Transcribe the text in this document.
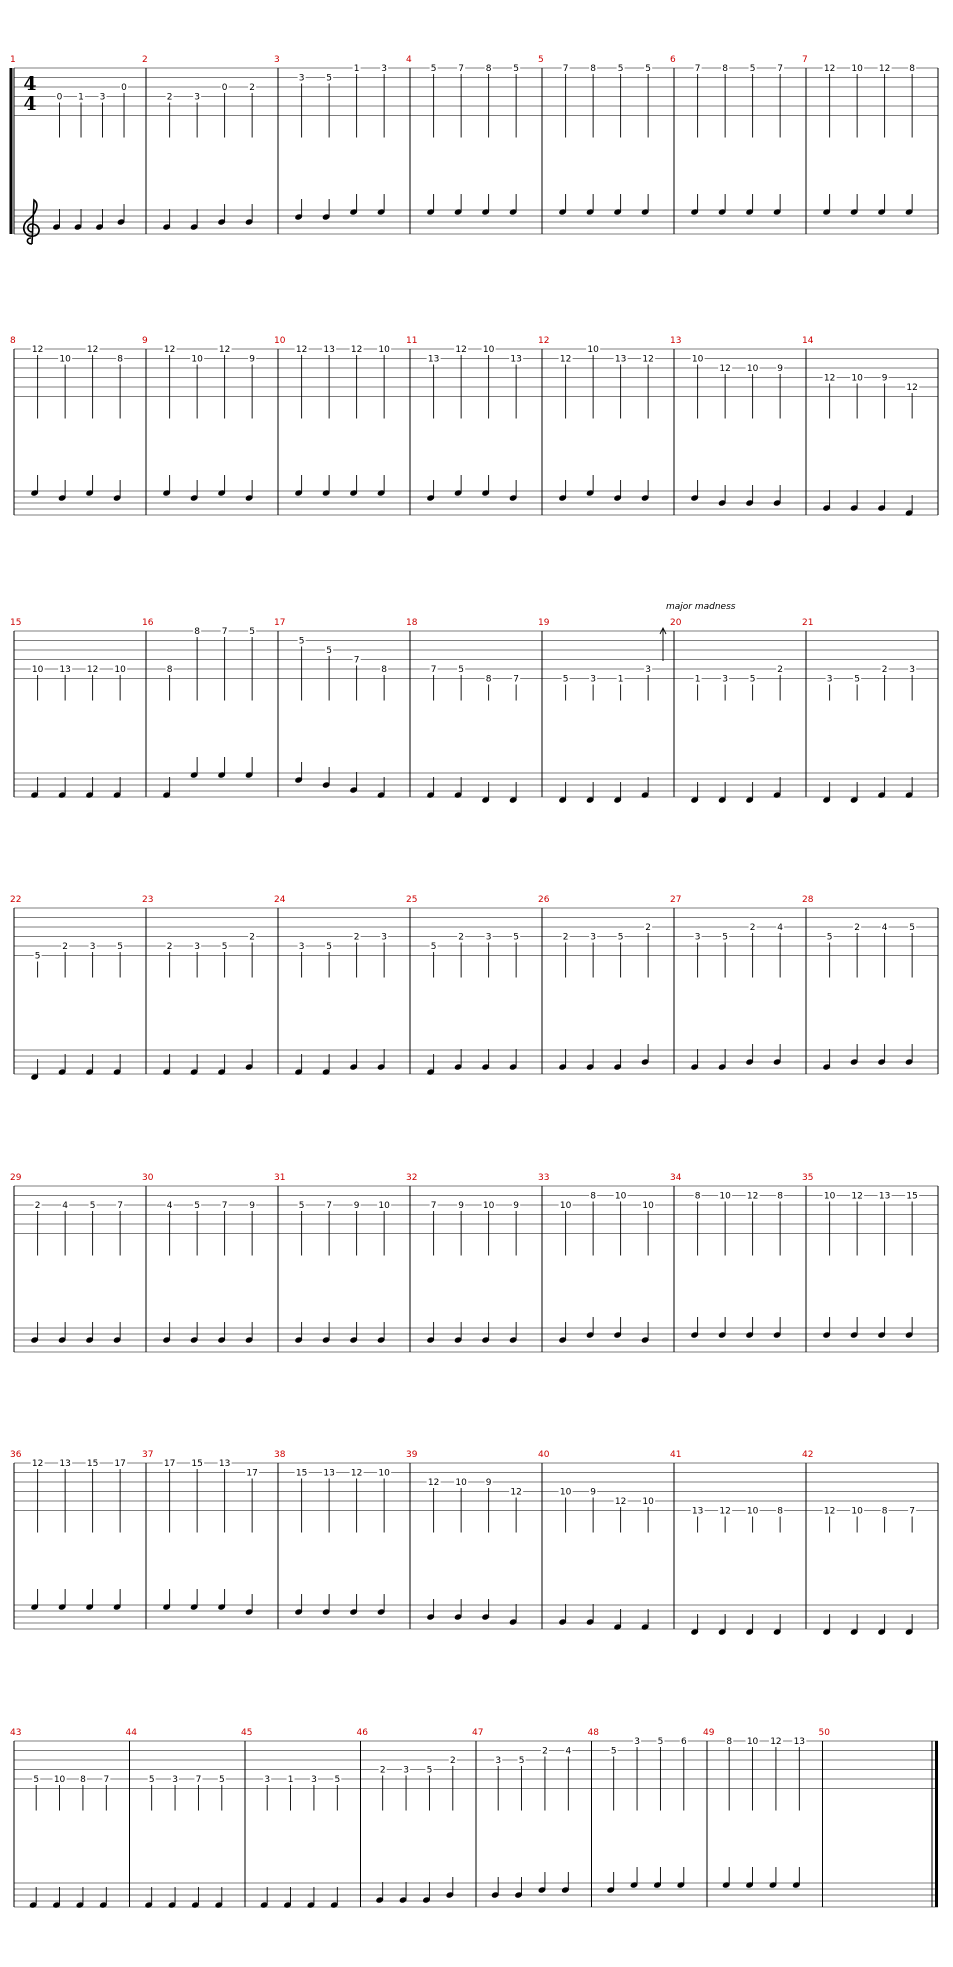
4
4
1
0 1 3
0
2
2 3
0 2
3
3 5
1 3
4
5 7 8 5
5
7 8 5 5
6
7 8 5 7
7
12 10 12 8
8
12
10
12
8
9
12
10
12
9
10
12 13 12 10
11
13
12 10
13
12
12
10
13 12
13
10
12 10 9
14
12 10 9
12
15
10 13 12 10
16
8
8 7 5
17
5
5
7
8
18
7 5
8 7
19
5 3 1
3
major madness
20
1 3 5
2
21
3 5
2 3
22
5
2 3 5
23
2 3 5
2
24
3 5
2 3
25
5
2 3 5
26
2 3 5
2
27
3 5
2 4
28
5
2 4 5
29
2 4 5 7
30
4 5 7 9
31
5 7 9 10
32
7 9 10 9
33
10
8 10
10
34
8 10 12 8
35
10 12 13 15
36
12 13 15 17
37
17 15 13
17
38
15 13 12 10
39
12 10 9
12
40
10 9
12 10
41
13 12 10 8
42
12 10 8 7
43
5 10 8 7
44
5 3 7 5
45
3 1 3 5
46
2 3 5
2
47
3 5
2 4
48
5
3 5 6
49
8 10 12 13
50
